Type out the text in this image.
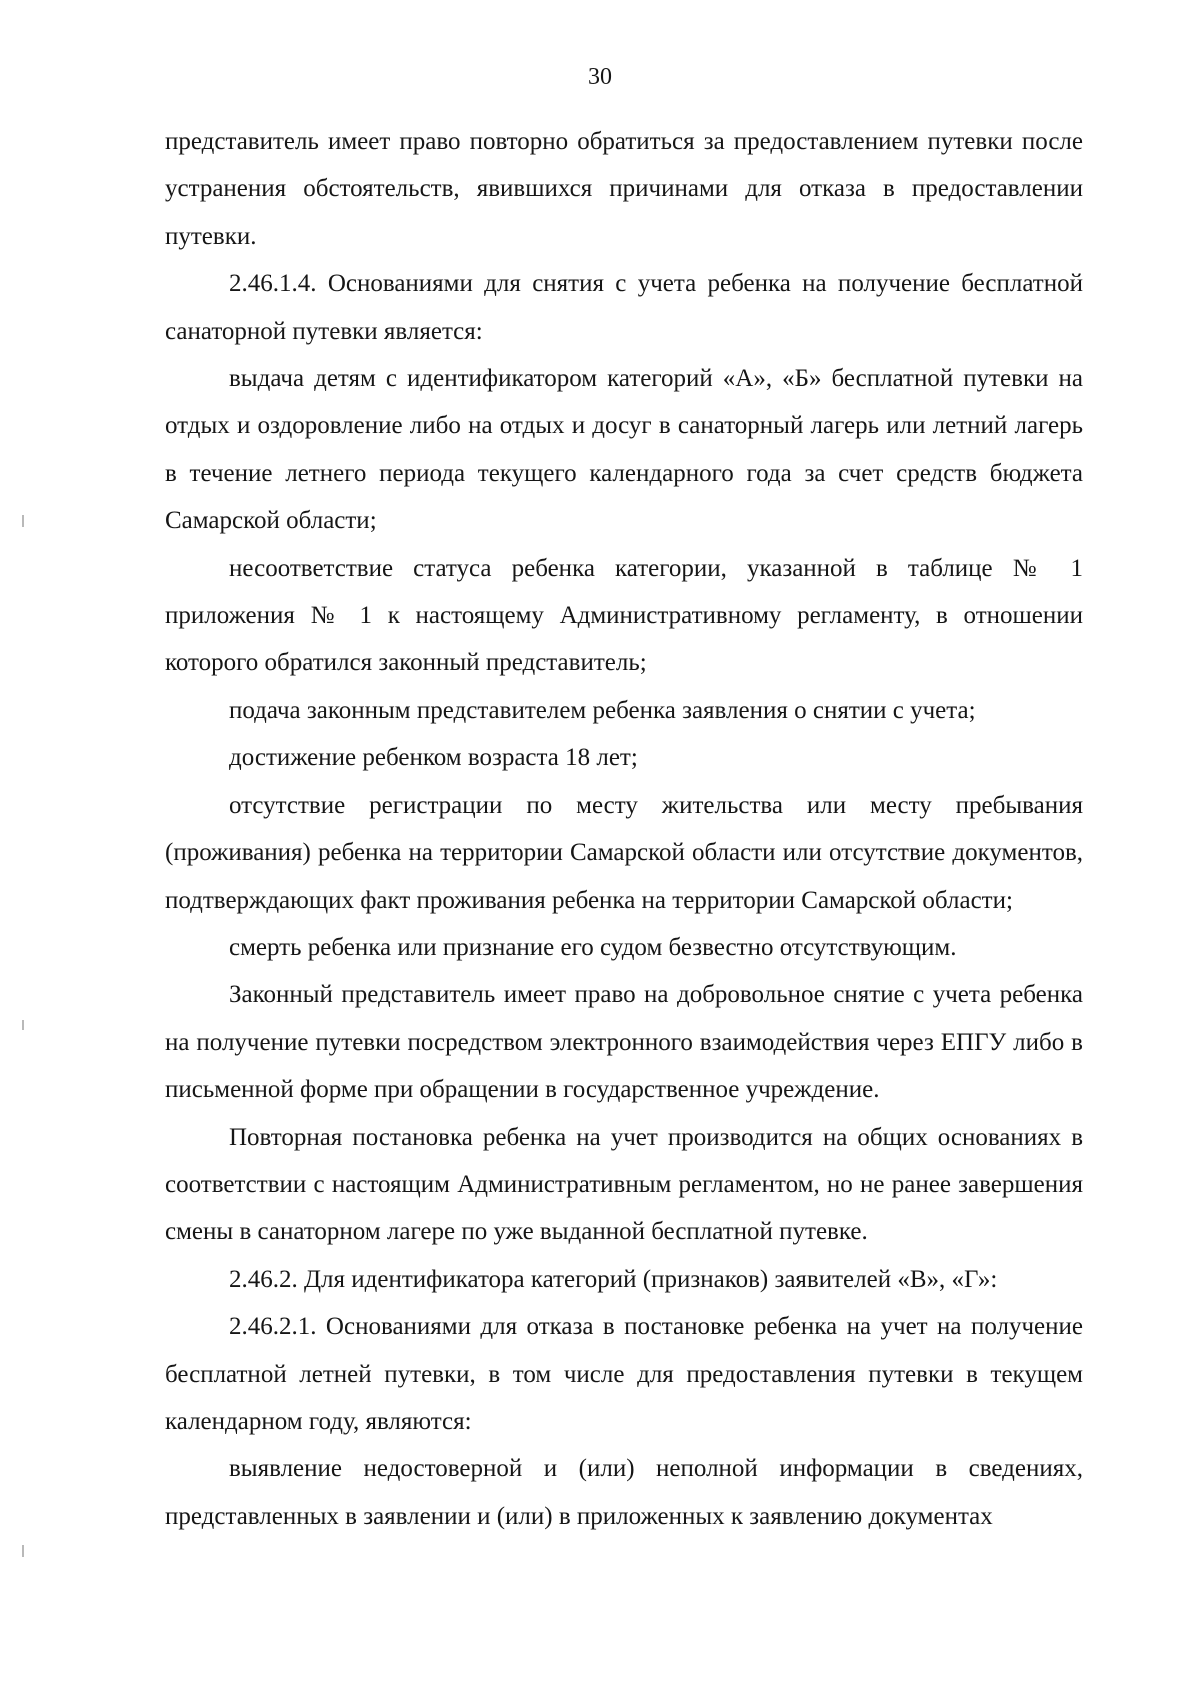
30

представитель имеет право повторно обратиться за предоставлением путевки после устранения обстоятельств, явившихся причинами для отказа в предоставлении путевки.

2.46.1.4. Основаниями для снятия с учета ребенка на получение бесплатной санаторной путевки является:

выдача детям с идентификатором категорий «А», «Б» бесплатной путевки на отдых и оздоровление либо на отдых и досуг в санаторный лагерь или летний лагерь в течение летнего периода текущего календарного года за счет средств бюджета Самарской области;

несоответствие статуса ребенка категории, указанной в таблице № 1 приложения № 1 к настоящему Административному регламенту, в отношении которого обратился законный представитель;

подача законным представителем ребенка заявления о снятии с учета;

достижение ребенком возраста 18 лет;

отсутствие регистрации по месту жительства или месту пребывания (проживания) ребенка на территории Самарской области или отсутствие документов, подтверждающих факт проживания ребенка на территории Самарской области;

смерть ребенка или признание его судом безвестно отсутствующим.

Законный представитель имеет право на добровольное снятие с учета ребенка на получение путевки посредством электронного взаимодействия через ЕПГУ либо в письменной форме при обращении в государственное учреждение.

Повторная постановка ребенка на учет производится на общих основаниях в соответствии с настоящим Административным регламентом, но не ранее завершения смены в санаторном лагере по уже выданной бесплатной путевке.

2.46.2. Для идентификатора категорий (признаков) заявителей «В», «Г»:

2.46.2.1. Основаниями для отказа в постановке ребенка на учет на получение бесплатной летней путевки, в том числе для предоставления путевки в текущем календарном году, являются:

выявление недостоверной и (или) неполной информации в сведениях, представленных в заявлении и (или) в приложенных к заявлению документах
